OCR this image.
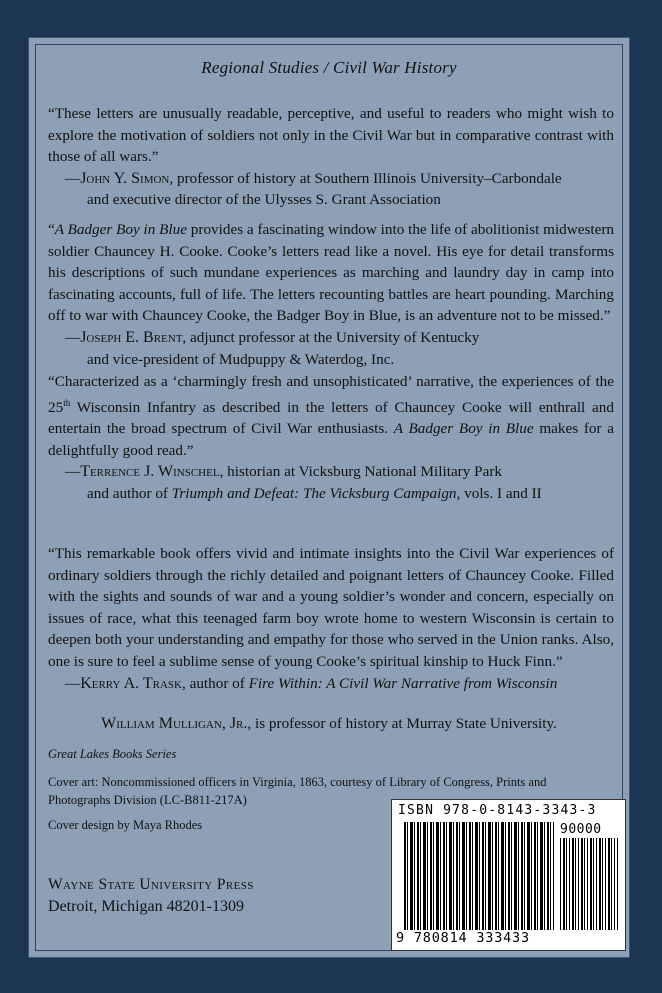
Regional Studies / Civil War History

“These letters are unusually readable, perceptive, and useful to readers who might wish to explore the motivation of soldiers not only in the Civil War but in comparative contrast with those of all wars.”

—John Y. Simon, professor of history at Southern Illinois University–Carbondale
and executive director of the Ulysses S. Grant Association

“A Badger Boy in Blue provides a fascinating window into the life of abolitionist midwestern soldier Chauncey H. Cooke. Cooke’s letters read like a novel. His eye for detail transforms his descriptions of such mundane experiences as marching and laundry day in camp into fascinating accounts, full of life. The letters recounting battles are heart pounding. Marching off to war with Chauncey Cooke, the Badger Boy in Blue, is an adventure not to be missed.”

—Joseph E. Brent, adjunct professor at the University of Kentucky
and vice-president of Mudpuppy & Waterdog, Inc.

“Characterized as a ‘charmingly fresh and unsophisticated’ narrative, the experiences of the 25th Wisconsin Infantry as described in the letters of Chauncey Cooke will enthrall and entertain the broad spectrum of Civil War enthusiasts. A Badger Boy in Blue makes for a delightfully good read.”

—Terrence J. Winschel, historian at Vicksburg National Military Park
and author of Triumph and Defeat: The Vicksburg Campaign, vols. I and II

“This remarkable book offers vivid and intimate insights into the Civil War experiences of ordinary soldiers through the richly detailed and poignant letters of Chauncey Cooke. Filled with the sights and sounds of war and a young soldier’s wonder and concern, especially on issues of race, what this teenaged farm boy wrote home to western Wisconsin is certain to deepen both your understanding and empathy for those who served in the Union ranks. Also, one is sure to feel a sublime sense of young Cooke’s spiritual kinship to Huck Finn.”

—Kerry A. Trask, author of Fire Within: A Civil War Narrative from Wisconsin

William Mulligan, Jr., is professor of history at Murray State University.
Great Lakes Books Series
Cover art: Noncommissioned officers in Virginia, 1863, courtesy of Library of Congress, Prints and Photographs Division (LC-B811-217A)
Cover design by Maya Rhodes
Wayne State University Press
Detroit, Michigan 48201-1309
ISBN 978-0-8143-3343-3
9 780814 333433
90000
